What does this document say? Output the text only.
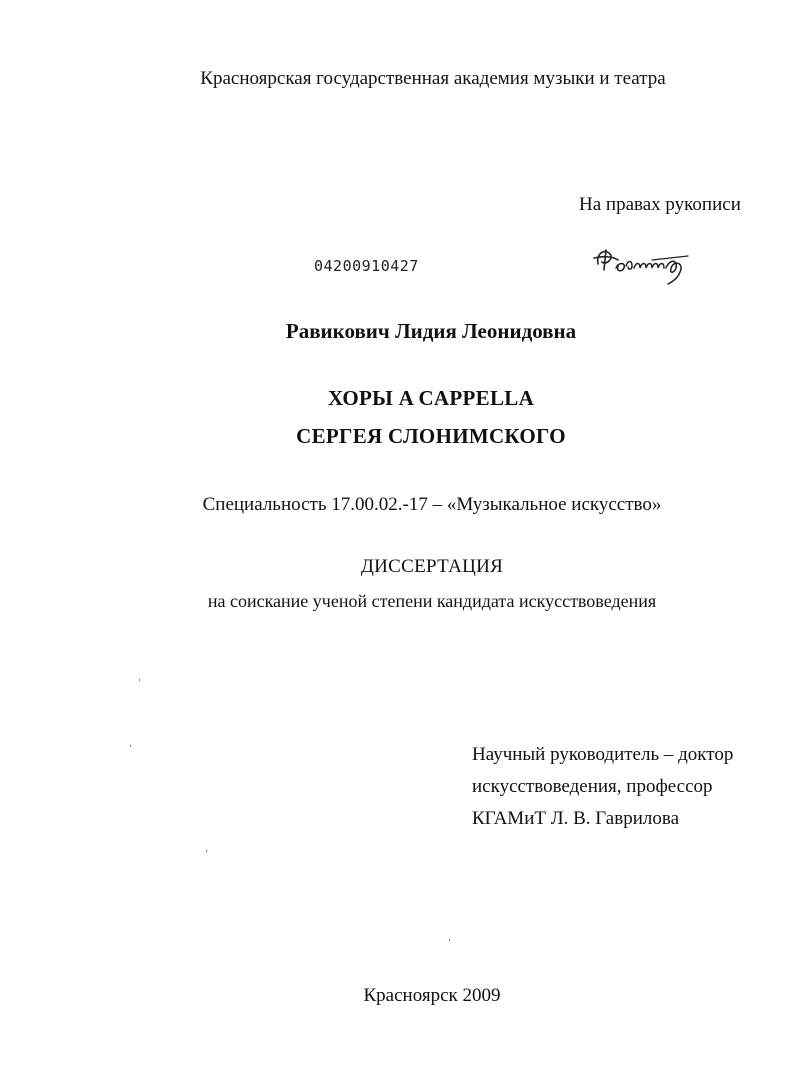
Красноярская государственная академия музыки и театра
На правах рукописи
04200910427
Равикович Лидия Леонидовна
ХОРЫ A CAPPELLA
СЕРГЕЯ СЛОНИМСКОГО
Специальность 17.00.02.-17 – «Музыкальное искусство»
ДИССЕРТАЦИЯ
на соискание ученой степени кандидата искусствоведения
Научный руководитель – доктор
искусствоведения, профессор
КГАМиТ Л. В. Гаврилова
Красноярск 2009
